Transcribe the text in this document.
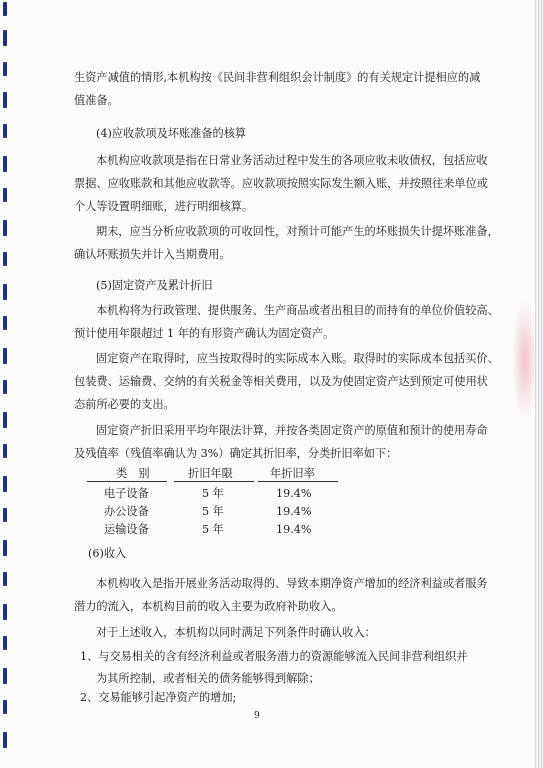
生资产减值的情形,本机构按《民间非营利组织会计制度》的有关规定计提相应的减
值准备。
(4)应收款项及坏账准备的核算
本机构应收款项是指在日常业务活动过程中发生的各项应收未收债权，包括应收
票据、应收账款和其他应收款等。应收款项按照实际发生额入账，并按照往来单位或
个人等设置明细账，进行明细核算。
期末，应当分析应收款项的可收回性，对预计可能产生的坏账损失计提坏账准备，
确认坏账损失并计入当期费用。
(5)固定资产及累计折旧
本机构将为行政管理、提供服务、生产商品或者出租目的而持有的单位价值较高、
预计使用年限超过 1 年的有形资产确认为固定资产。
固定资产在取得时，应当按取得时的实际成本入账。取得时的实际成本包括买价、
包装费、运输费、交纳的有关税金等相关费用，以及为使固定资产达到预定可使用状
态前所必要的支出。
固定资产折旧采用平均年限法计算，并按各类固定资产的原值和预计的使用寿命
及残值率（残值率确认为 3%）确定其折旧率，分类折旧率如下：
类　别	折旧年限	年折旧率
电子设备	5 年	19.4%
办公设备	5 年	19.4%
运输设备	5 年	19.4%
(6)收入
本机构收入是指开展业务活动取得的、导致本期净资产增加的经济利益或者服务
潜力的流入，本机构目前的收入主要为政府补助收入。
对于上述收入，本机构以同时满足下列条件时确认收入：
1、与交易相关的含有经济利益或者服务潜力的资源能够流入民间非营利组织并
为其所控制，或者相关的债务能够得到解除；
2、交易能够引起净资产的增加;
9
